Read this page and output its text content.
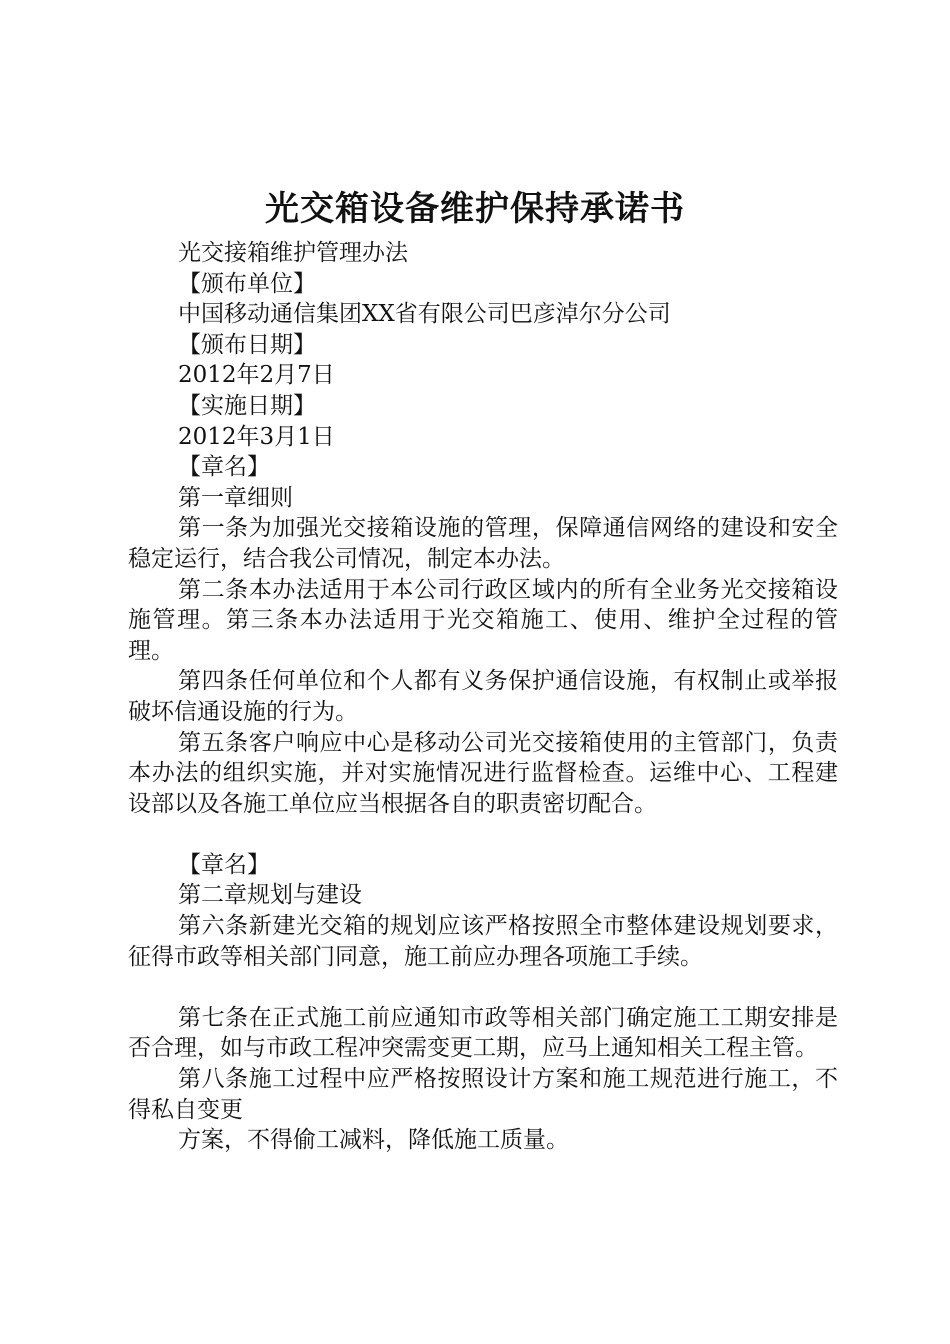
光交箱设备维护保持承诺书

光交接箱维护管理办法

【颁布单位】

中国移动通信集团XX省有限公司巴彦淖尔分公司

【颁布日期】

2012年2月7日

【实施日期】

2012年3月1日

【章名】

第一章细则

第一条为加强光交接箱设施的管理，保障通信网络的建设和安全稳定运行，结合我公司情况，制定本办法。

第二条本办法适用于本公司行政区域内的所有全业务光交接箱设施管理。第三条本办法适用于光交箱施工、使用、维护全过程的管理。

第四条任何单位和个人都有义务保护通信设施，有权制止或举报破坏信通设施的行为。

第五条客户响应中心是移动公司光交接箱使用的主管部门，负责本办法的组织实施，并对实施情况进行监督检查。运维中心、工程建设部以及各施工单位应当根据各自的职责密切配合。

【章名】

第二章规划与建设

第六条新建光交箱的规划应该严格按照全市整体建设规划要求，征得市政等相关部门同意，施工前应办理各项施工手续。

第七条在正式施工前应通知市政等相关部门确定施工工期安排是否合理，如与市政工程冲突需变更工期，应马上通知相关工程主管。

第八条施工过程中应严格按照设计方案和施工规范进行施工，不得私自变更

方案，不得偷工减料，降低施工质量。
